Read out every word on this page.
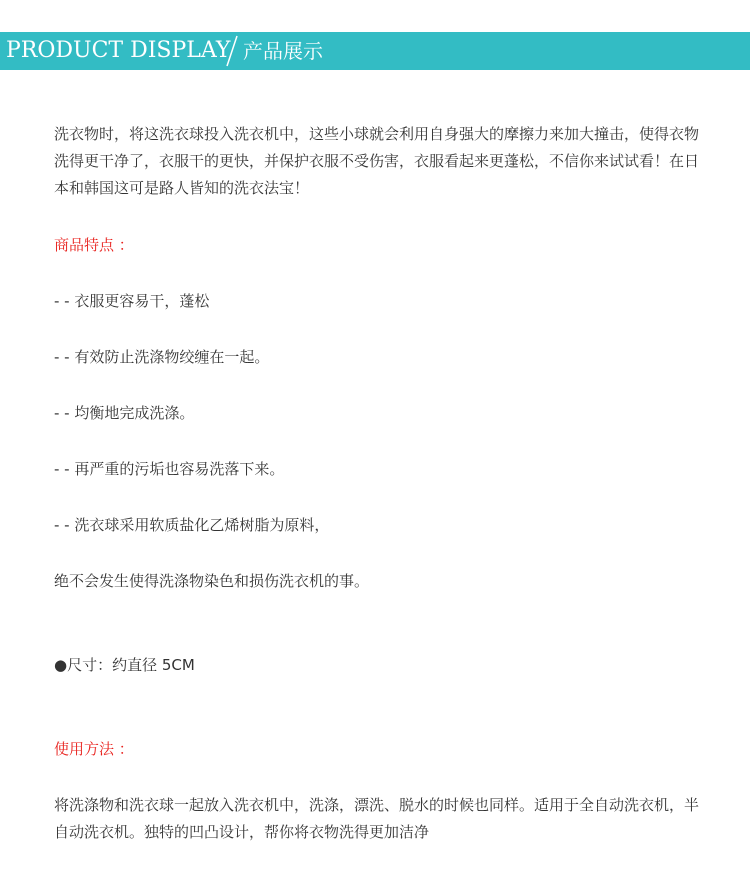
PRODUCT DISPLAY 产品展示

洗衣物时，将这洗衣球投入洗衣机中，这些小球就会利用自身强大的摩擦力来加大撞击，使得衣物洗得更干净了，衣服干的更快，并保护衣服不受伤害，衣服看起来更蓬松，不信你来试试看！在日本和韩国这可是路人皆知的洗衣法宝！

商品特点 ：

- - 衣服更容易干，蓬松

- - 有效防止洗涤物绞缠在一起。

- - 均衡地完成洗涤。

- - 再严重的污垢也容易洗落下来。

- - 洗衣球采用软质盐化乙烯树脂为原料，

绝不会发生使得洗涤物染色和损伤洗衣机的事。

●尺寸：约直径 5CM

使用方法 ：

将洗涤物和洗衣球一起放入洗衣机中，洗涤，漂洗、脱水的时候也同样。适用于全自动洗衣机，半自动洗衣机。独特的凹凸设计，帮你将衣物洗得更加洁净
